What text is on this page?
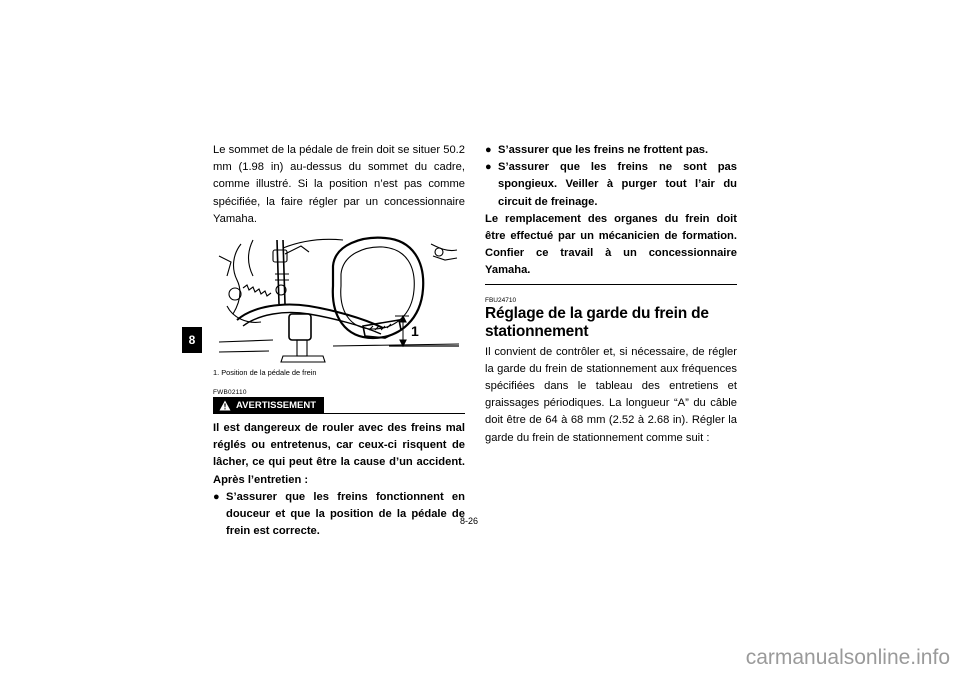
8

Le sommet de la pédale de frein doit se situer 50.2 mm (1.98 in) au-dessus du sommet du cadre, comme illustré. Si la position n’est pas comme spécifiée, la faire régler par un concessionnaire Yamaha.

1
1. Position de la pédale de frein
FWB02110
AVERTISSEMENT

Il est dangereux de rouler avec des freins mal réglés ou entretenus, car ceux-ci risquent de lâcher, ce qui peut être la cause d’un accident. Après l’entretien :

● S’assurer que les freins fonctionnent en douceur et que la position de la pédale de frein est correcte.
● S’assurer que les freins ne frottent pas.
● S’assurer que les freins ne sont pas spongieux. Veiller à purger tout l’air du circuit de freinage.

Le remplacement des organes du frein doit être effectué par un mécanicien de formation. Confier ce travail à un concessionnaire Yamaha.

FBU24710
Réglage de la garde du frein de stationnement

Il convient de contrôler et, si nécessaire, de régler la garde du frein de stationnement aux fréquences spécifiées dans le tableau des entretiens et graissages périodiques. La longueur “A” du câble doit être de 64 à 68 mm (2.52 à 2.68 in). Régler la garde du frein de stationnement comme suit :

8-26
carmanualsonline.info
